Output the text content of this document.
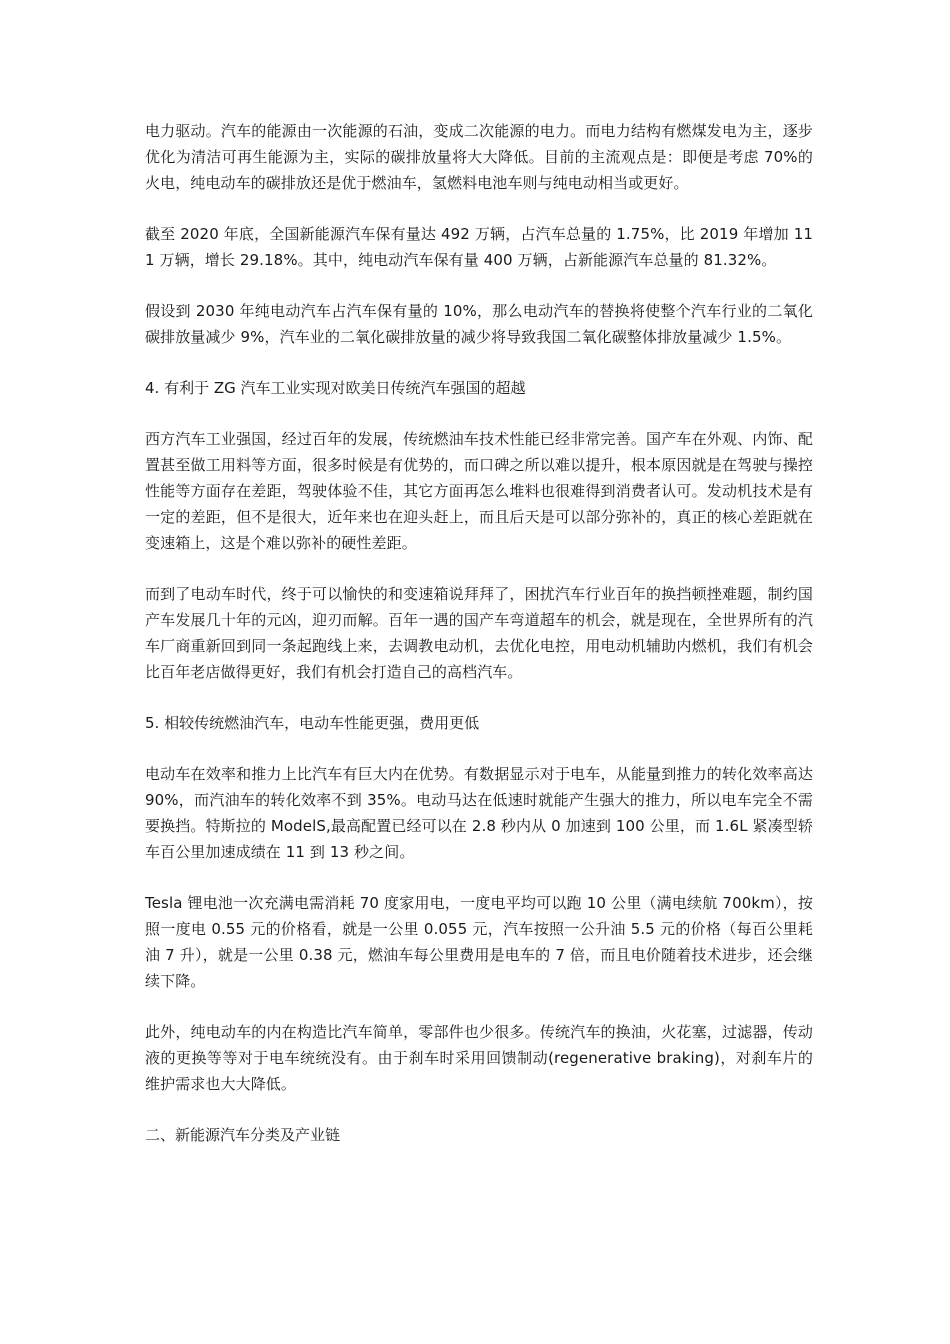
电力驱动。汽车的能源由一次能源的石油，变成二次能源的电力。而电力结构有燃煤发电为主，逐步优化为清洁可再生能源为主，实际的碳排放量将大大降低。目前的主流观点是：即便是考虑 70%的火电，纯电动车的碳排放还是优于燃油车，氢燃料电池车则与纯电动相当或更好。

截至 2020 年底，全国新能源汽车保有量达 492 万辆，占汽车总量的 1.75%，比 2019 年增加 111 万辆，增长 29.18%。其中，纯电动汽车保有量 400 万辆，占新能源汽车总量的 81.32%。

假设到 2030 年纯电动汽车占汽车保有量的 10%，那么电动汽车的替换将使整个汽车行业的二氧化碳排放量减少 9%，汽车业的二氧化碳排放量的减少将导致我国二氧化碳整体排放量减少 1.5%。

4. 有利于 ZG 汽车工业实现对欧美日传统汽车强国的超越

西方汽车工业强国，经过百年的发展，传统燃油车技术性能已经非常完善。国产车在外观、内饰、配置甚至做工用料等方面，很多时候是有优势的，而口碑之所以难以提升，根本原因就是在驾驶与操控性能等方面存在差距，驾驶体验不佳，其它方面再怎么堆料也很难得到消费者认可。发动机技术是有一定的差距，但不是很大，近年来也在迎头赶上，而且后天是可以部分弥补的，真正的核心差距就在变速箱上，这是个难以弥补的硬性差距。

而到了电动车时代，终于可以愉快的和变速箱说拜拜了，困扰汽车行业百年的换挡顿挫难题，制约国产车发展几十年的元凶，迎刃而解。百年一遇的国产车弯道超车的机会，就是现在，全世界所有的汽车厂商重新回到同一条起跑线上来，去调教电动机，去优化电控，用电动机辅助内燃机，我们有机会比百年老店做得更好，我们有机会打造自己的高档汽车。

5. 相较传统燃油汽车，电动车性能更强，费用更低

电动车在效率和推力上比汽车有巨大内在优势。有数据显示对于电车，从能量到推力的转化效率高达 90%，而汽油车的转化效率不到 35%。电动马达在低速时就能产生强大的推力，所以电车完全不需要换挡。特斯拉的 ModelS,最高配置已经可以在 2.8 秒内从 0 加速到 100 公里，而 1.6L 紧凑型轿车百公里加速成绩在 11 到 13 秒之间。

Tesla 锂电池一次充满电需消耗 70 度家用电，一度电平均可以跑 10 公里（满电续航 700km），按照一度电 0.55 元的价格看，就是一公里 0.055 元，汽车按照一公升油 5.5 元的价格（每百公里耗油 7 升），就是一公里 0.38 元，燃油车每公里费用是电车的 7 倍，而且电价随着技术进步，还会继续下降。

此外，纯电动车的内在构造比汽车简单，零部件也少很多。传统汽车的换油，火花塞，过滤器，传动液的更换等等对于电车统统没有。由于刹车时采用回馈制动(regenerative braking)，对刹车片的维护需求也大大降低。

二、新能源汽车分类及产业链
